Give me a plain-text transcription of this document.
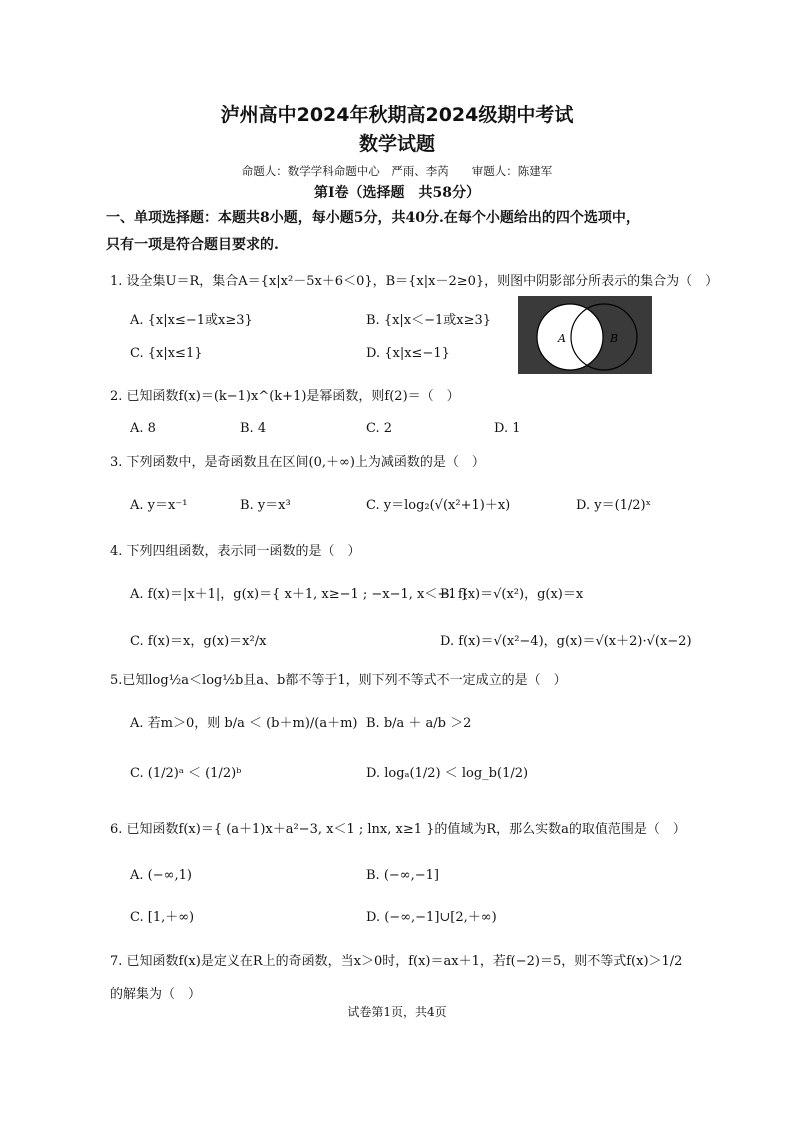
泸州高中2024年秋期高2024级期中考试
数学试题
命题人：数学学科命题中心　严雨、李芮　　审题人：陈建军
第Ⅰ卷（选择题　共58分）
一、单项选择题：本题共8小题，每小题5分，共40分.在每个小题给出的四个选项中，
只有一项是符合题目要求的.
1. 设全集U＝R，集合A＝{x|x²－5x＋6＜0}，B＝{x|x－2≥0}，则图中阴影部分所表示的集合为（　）
A. {x|x≤−1或x≥3}	B. {x|x＜−1或x≥3}
C. {x|x≤1}	D. {x|x≤−1}
A	B
2. 已知函数f(x)＝(k−1)x^(k+1)是幂函数，则f(2)＝（　）
A. 8	B. 4	C. 2	D. 1
3. 下列函数中，是奇函数且在区间(0,＋∞)上为减函数的是（　）
A. y＝x⁻¹	B. y＝x³	C. y＝log₂(√(x²+1)＋x)	D. y＝(1/2)ˣ
4. 下列四组函数，表示同一函数的是（　）
A. f(x)＝|x＋1|，g(x)＝{ x＋1, x≥−1 ; −x−1, x＜−1 }
B. f(x)＝√(x²)，g(x)＝x
C. f(x)＝x，g(x)＝x²/x	D. f(x)＝√(x²−4)，g(x)＝√(x＋2)·√(x−2)
5.已知log½a＜log½b且a、b都不等于1，则下列不等式不一定成立的是（　）
A. 若m＞0，则 b/a ＜ (b＋m)/(a＋m) B. b/a ＋ a/b ＞2
C. (1/2)ᵃ ＜ (1/2)ᵇ	D. logₐ(1/2) ＜ log_b(1/2)
6. 已知函数f(x)＝{ (a＋1)x＋a²−3, x＜1 ; lnx, x≥1 }的值域为R，那么实数a的取值范围是（　）
A. (−∞,1)	B. (−∞,−1]
C. [1,＋∞)	D. (−∞,−1]∪[2,＋∞)
7. 已知函数f(x)是定义在R上的奇函数，当x＞0时，f(x)＝ax＋1，若f(−2)＝5，则不等式f(x)＞1/2
的解集为（　）
试卷第1页，共4页
